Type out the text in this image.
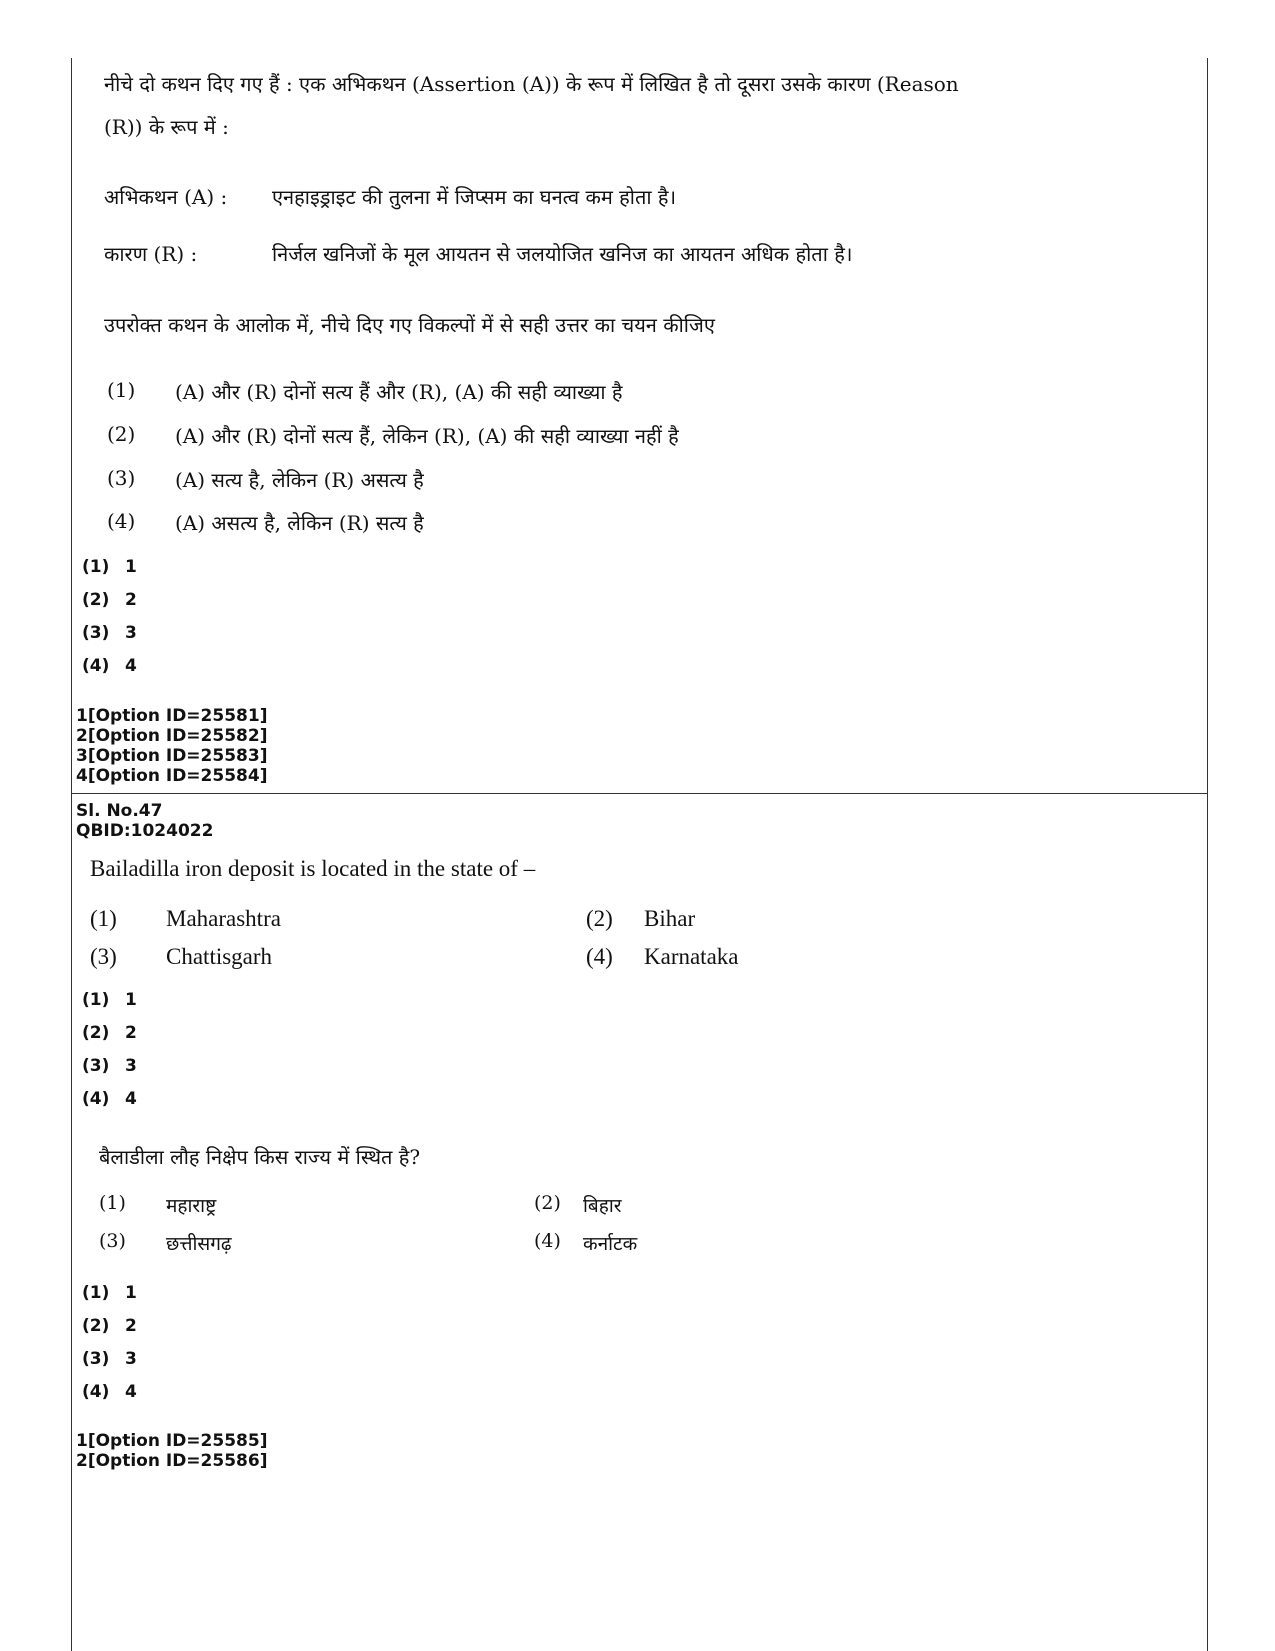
नीचे दो कथन दिए गए हैं : एक अभिकथन (Assertion (A)) के रूप में लिखित है तो दूसरा उसके कारण (Reason
(R)) के रूप में :
अभिकथन (A) : एनहाइड्राइट की तुलना में जिप्सम का घनत्व कम होता है।
कारण (R) :	निर्जल खनिजों के मूल आयतन से जलयोजित खनिज का आयतन अधिक होता है।
उपरोक्त कथन के आलोक में, नीचे दिए गए विकल्पों में से सही उत्तर का चयन कीजिए
(1) (A) और (R) दोनों सत्य हैं और (R), (A) की सही व्याख्या है
(2) (A) और (R) दोनों सत्य हैं, लेकिन (R), (A) की सही व्याख्या नहीं है
(3) (A) सत्य है, लेकिन (R) असत्य है
(4) (A) असत्य है, लेकिन (R) सत्य है
(1) 1
(2) 2
(3) 3
(4) 4
1[Option ID=25581]
2[Option ID=25582]
3[Option ID=25583]
4[Option ID=25584]
Sl. No.47
QBID:1024022
Bailadilla iron deposit is located in the state of –
(1) Maharashtra	(2) Bihar
(3) Chattisgarh	(4) Karnataka
(1) 1
(2) 2
(3) 3
(4) 4
बैलाडीला लौह निक्षेप किस राज्य में स्थित है?
(1) महाराष्ट्र	(2) बिहार
(3) छत्तीसगढ़	(4) कर्नाटक
(1) 1
(2) 2
(3) 3
(4) 4
1[Option ID=25585]
2[Option ID=25586]
